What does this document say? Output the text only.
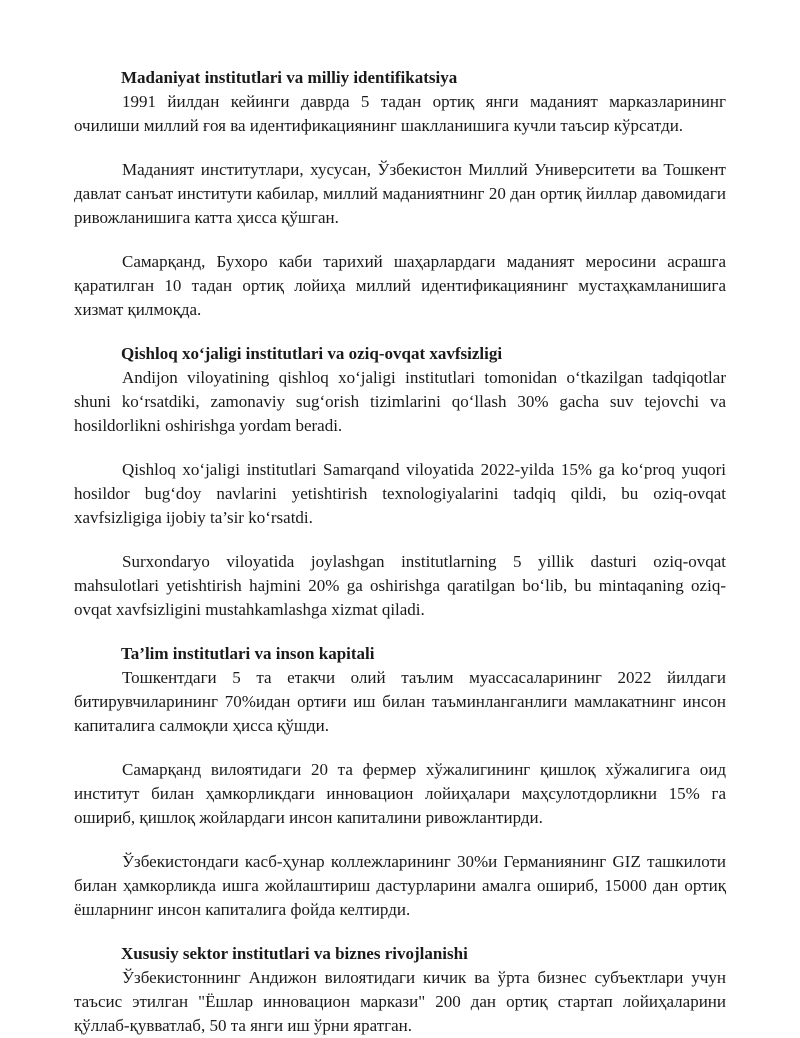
Madaniyat institutlari va milliy identifikatsiya

1991 йилдан кейинги даврда 5 тадан ортиқ янги маданият марказларининг очилиши миллий ғоя ва идентификациянинг шаклланишига кучли таъсир кўрсатди.

Маданият институтлари, хусусан, Ўзбекистон Миллий Университети ва Тошкент давлат санъат институти кабилар, миллий маданиятнинг 20 дан ортиқ йиллар давомидаги ривожланишига катта ҳисса қўшган.

Самарқанд, Бухоро каби тарихий шаҳарлардаги маданият меросини асрашга қаратилган 10 тадан ортиқ лойиҳа миллий идентификациянинг мустаҳкамланишига хизмат қилмоқда.

Qishloq xo‘jaligi institutlari va oziq-ovqat xavfsizligi

Andijon viloyatining qishloq xo‘jaligi institutlari tomonidan o‘tkazilgan tadqiqotlar shuni ko‘rsatdiki, zamonaviy sug‘orish tizimlarini qo‘llash 30% gacha suv tejovchi va hosildorlikni oshirishga yordam beradi.

Qishloq xo‘jaligi institutlari Samarqand viloyatida 2022-yilda 15% ga ko‘proq yuqori hosildor bug‘doy navlarini yetishtirish texnologiyalarini tadqiq qildi, bu oziq-ovqat xavfsizligiga ijobiy ta’sir ko‘rsatdi.

Surxondaryo viloyatida joylashgan institutlarning 5 yillik dasturi oziq-ovqat mahsulotlari yetishtirish hajmini 20% ga oshirishga qaratilgan bo‘lib, bu mintaqaning oziq-ovqat xavfsizligini mustahkamlashga xizmat qiladi.

Ta’lim institutlari va inson kapitali

Тошкентдаги 5 та етакчи олий таълим муассасаларининг 2022 йилдаги битирувчиларининг 70%идан ортиғи иш билан таъминланганлиги мамлакатнинг инсон капиталига салмоқли ҳисса қўшди.

Самарқанд вилоятидаги 20 та фермер хўжалигининг қишлоқ хўжалигига оид институт билан ҳамкорликдаги инновацион лойиҳалари маҳсулотдорликни 15% га ошириб, қишлоқ жойлардаги инсон капиталини ривожлантирди.

Ўзбекистондаги касб-ҳунар коллежларининг 30%и Германиянинг GIZ ташкилоти билан ҳамкорликда ишга жойлаштириш дастурларини амалга ошириб, 15000 дан ортиқ ёшларнинг инсон капиталига фойда келтирди.

Xususiy sektor institutlari va biznes rivojlanishi

Ўзбекистоннинг Андижон вилоятидаги кичик ва ўрта бизнес субъектлари учун таъсис этилган "Ёшлар инновацион маркази" 200 дан ортиқ стартап лойиҳаларини қўллаб-қувватлаб, 50 та янги иш ўрни яратган.
